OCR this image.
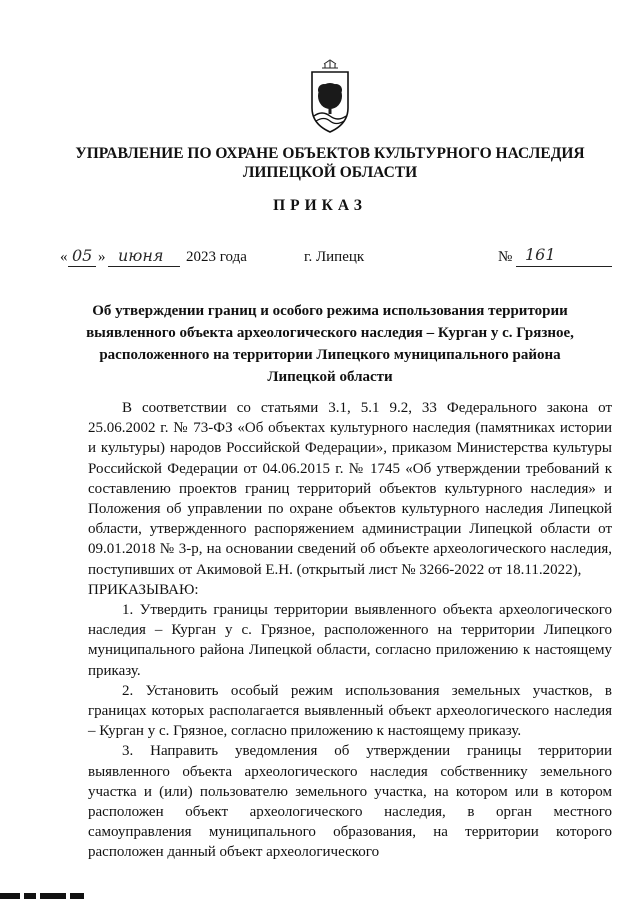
УПРАВЛЕНИЕ ПО ОХРАНЕ ОБЪЕКТОВ КУЛЬТУРНОГО НАСЛЕДИЯ
ЛИПЕЦКОЙ ОБЛАСТИ
ПРИКАЗ
« 05 » июня 2023 года	г. Липецк	№ 161
Об утверждении границ и особого режима использования территории
выявленного объекта археологического наследия – Курган у с. Грязное,
расположенного на территории Липецкого муниципального района
Липецкой области

В соответствии со статьями 3.1, 5.1 9.2, 33 Федерального закона от 25.06.2002 г. № 73-ФЗ «Об объектах культурного наследия (памятниках истории и культуры) народов Российской Федерации», приказом Министерства культуры Российской Федерации от 04.06.2015 г. № 1745 «Об утверждении требований к составлению проектов границ территорий объектов культурного наследия» и Положения об управлении по охране объектов культурного наследия Липецкой области, утвержденного распоряжением администрации Липецкой области от 09.01.2018 № 3-р, на основании сведений об объекте археологического наследия, поступивших от Акимовой Е.Н. (открытый лист № 3266-2022 от 18.11.2022),

ПРИКАЗЫВАЮ:

1. Утвердить границы территории выявленного объекта археологического наследия – Курган у с. Грязное, расположенного на территории Липецкого муниципального района Липецкой области, согласно приложению к настоящему приказу.

2. Установить особый режим использования земельных участков, в границах которых располагается выявленный объект археологического наследия – Курган у с. Грязное, согласно приложению к настоящему приказу.

3. Направить уведомления об утверждении границы территории выявленного объекта археологического наследия собственнику земельного участка и (или) пользователю земельного участка, на котором или в котором расположен объект археологического наследия, в орган местного самоуправления муниципального образования, на территории которого расположен данный объект археологического
